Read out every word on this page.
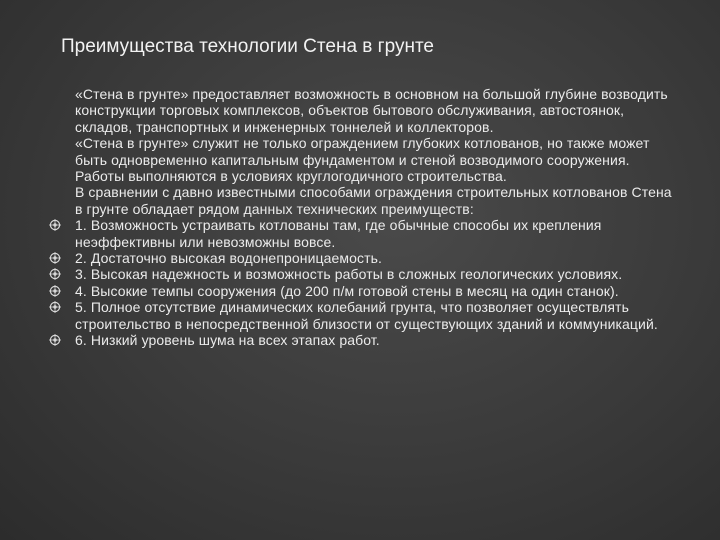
Преимущества технологии Стена в грунте

«Стена в грунте» предоставляет возможность в основном на большой глубине возводить конструкции торговых комплексов, объектов бытового обслуживания, автостоянок, складов, транспортных и инженерных тоннелей и коллекторов.

«Стена в грунте» служит не только ограждением глубоких котлованов, но также может быть одновременно капитальным фундаментом и стеной возводимого сооружения. Работы выполняются в условиях круглогодичного строительства.

В сравнении с давно известными способами ограждения строительных котлованов Стена в грунте обладает рядом данных технических преимуществ:

1. Возможность устраивать котлованы там, где обычные способы их крепления неэффективны или невозможны вовсе.

2. Достаточно высокая водонепроницаемость.

3. Высокая надежность и возможность работы в сложных геологических условиях.

4. Высокие темпы сооружения (до 200 п/м готовой стены в месяц на один станок).

5. Полное отсутствие динамических колебаний грунта, что позволяет осуществлять строительство в непосредственной близости от существующих зданий и коммуникаций.

6. Низкий уровень шума на всех этапах работ.
